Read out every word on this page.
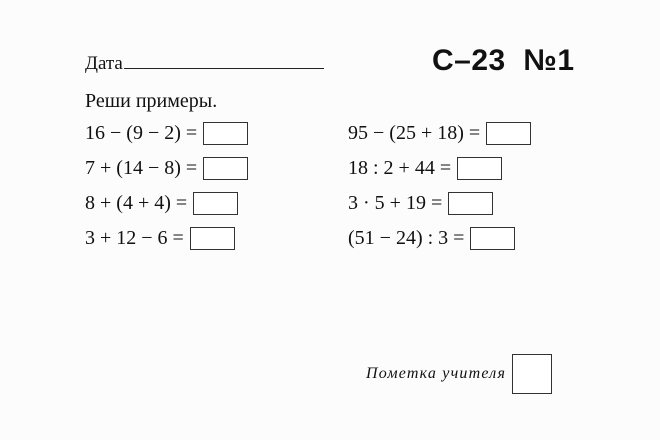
Дата	С–23 №1
Реши примеры.
16 − (9 − 2) =
7 + (14 − 8) =
8 + (4 + 4) =
3 + 12 − 6 =
95 − (25 + 18) =
18 : 2 + 44 =
3 · 5 + 19 =
(51 − 24) : 3 =
Пометка учителя
